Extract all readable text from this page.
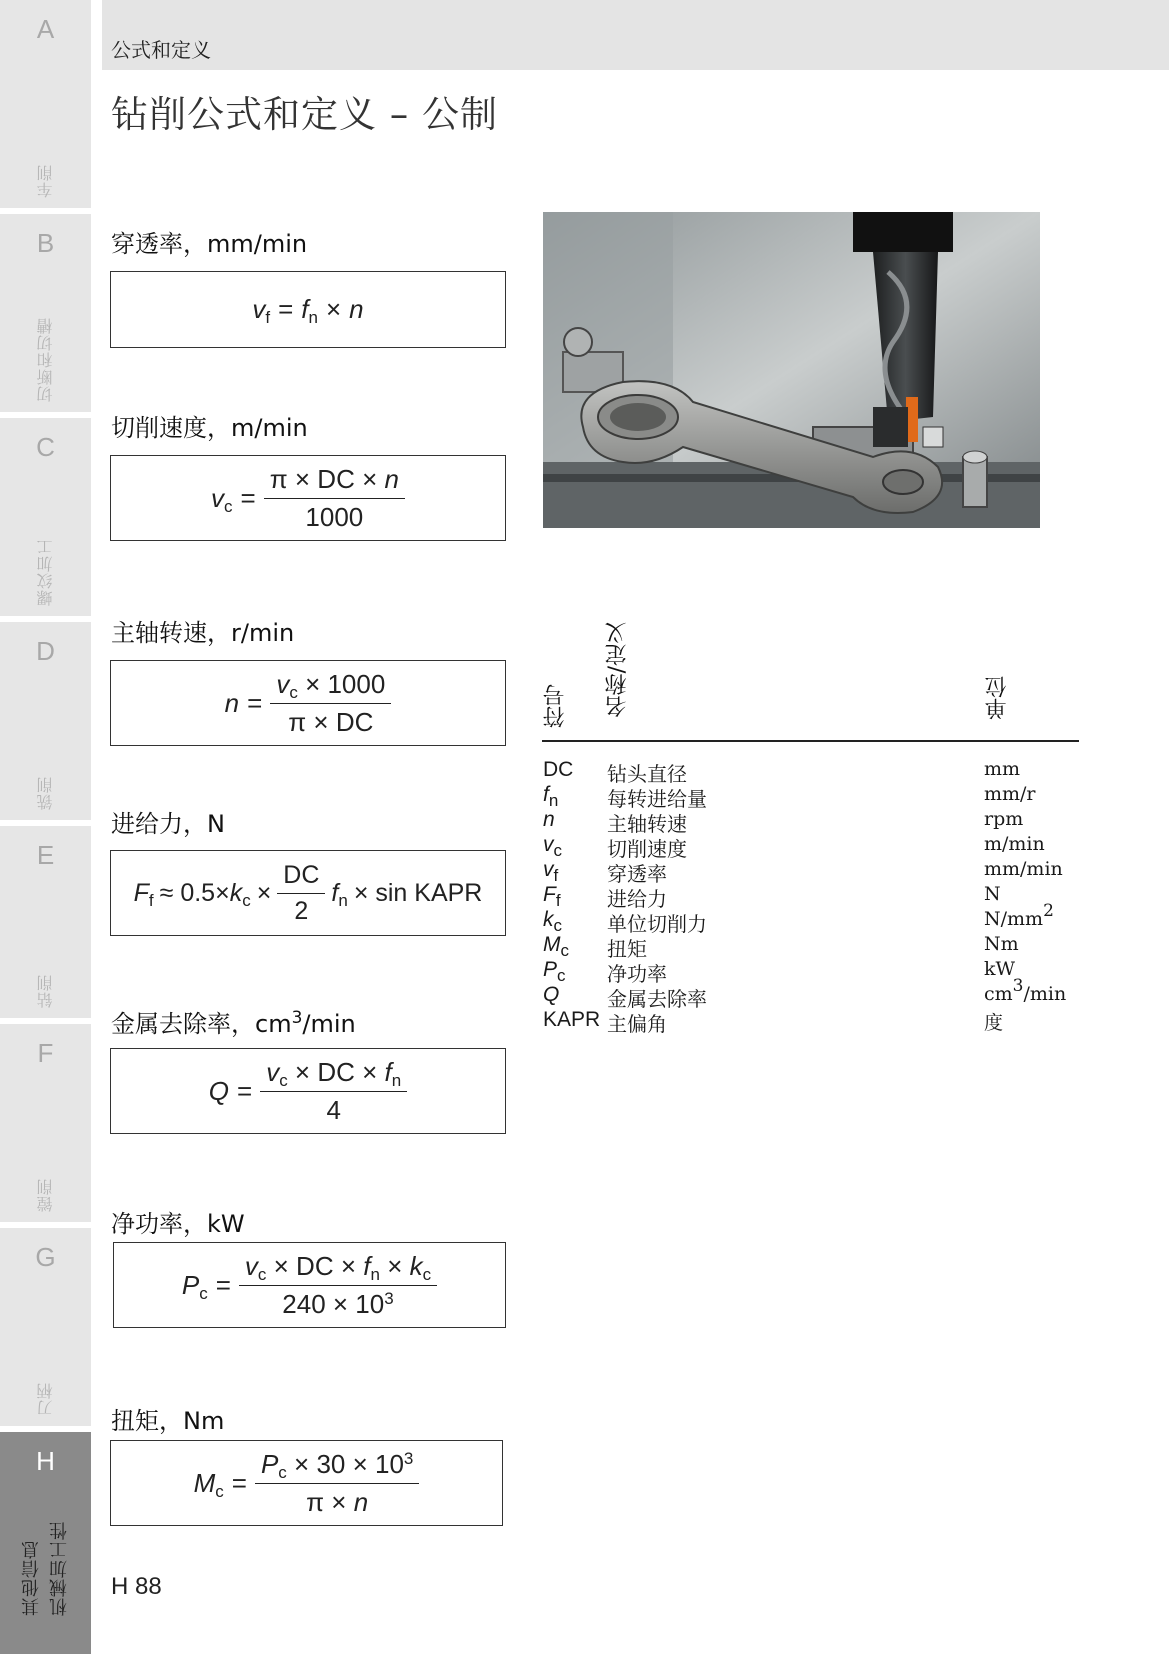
A
车削
B
切断和切槽
C
螺纹加工
D
铣削
E
钻削
F
镗削
G
刀柄
H
其他信息 机械加工性
公式和定义
钻削公式和定义 – 公制
穿透率，mm/min
$v_f = f_n \times n$
切削速度，m/min
$v_c = \frac{\pi \times DC \times n}{1000}$
主轴转速，r/min
$n = \frac{v_c \times 1000}{\pi \times DC}$
进给力，N
$F_f \approx 0.5\times k_c \times \frac{DC}{2} f_n \times \sin$ KAPR
金属去除率，$cm^3/\min$
$Q = \frac{v_c \times DC \times f_n}{4}$
净功率，kW
$P_c = \frac{v_c \times DC \times f_n \times k_c}{240 \times 10^3}$
扭矩，Nm
$M_c = \frac{P_c \times 30 \times 10^3}{\pi \times n}$
符号 名称/定义	单位
DC 钻头直径	mm
$f_n$ 每转进给量	mm/r
n	主轴转速	rpm
$v_c$ 切削速度	m/min
$v_f$ 穿透率	mm/min
$F_f$ 进给力	N
$k_c$ 单位切削力	$N/mm^2$
$M_c$ 扭矩	Nm
$P_c$ 净功率	kW
Q 金属去除率	$cm^3/\min$
KAPR 主偏角	度
H 88
